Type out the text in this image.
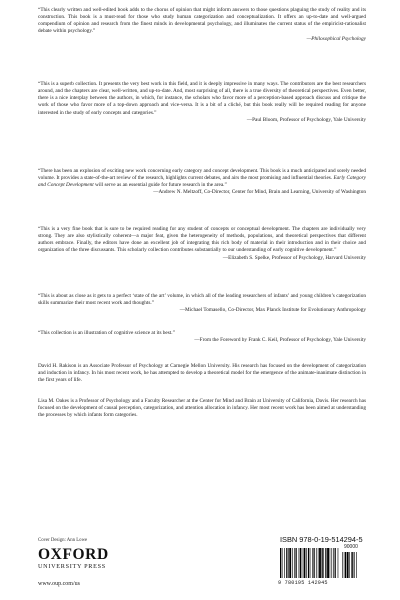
“This clearly written and well-edited book adds to the chorus of opinion that might inform answers to those questions plaguing the study of reality and its construction. This book is a must-read for those who study human categorization and conceptualization. It offers an up-to-date and well-argued compendium of opinion and research from the finest minds in developmental psychology, and illuminates the current status of the empiricist-rationalist debate within psychology.”

—Philosophical Psychology

“This is a superb collection. It presents the very best work in this field, and it is deeply impressive in many ways. The contributors are the best researchers around, and the chapters are clear, well-written, and up-to-date. And, most surprising of all, there is a true diversity of theoretical perspectives. Even better, there is a nice interplay between the authors, in which, for instance, the scholars who favor more of a perception-based approach discuss and critique the work of those who favor more of a top-down approach and vice-versa. It is a bit of a cliché, but this book really will be required reading for anyone interested in the study of early concepts and categories.”

—Paul Bloom, Professor of Psychology, Yale University

“There has been an explosion of exciting new work concerning early category and concept development. This book is a much anticipated and sorely needed volume. It provides a state-of-the-art review of the research, highlights current debates, and airs the most promising and influential theories. Early Category and Concept Development will serve as an essential guide for future research in the area.”

—Andrew N. Meltzoff, Co-Director, Center for Mind, Brain and Learning, University of Washington

“This is a very fine book that is sure to be required reading for any student of concepts or conceptual development. The chapters are individually very strong. They are also stylistically coherent—a major feat, given the heterogeneity of methods, populations, and theoretical perspectives that different authors embrace. Finally, the editors have done an excellent job of integrating this rich body of material in their introduction and in their choice and organization of the three discussants. This scholarly collection contributes substantially to our understanding of early cognitive development.”

—Elizabeth S. Spelke, Professor of Psychology, Harvard University

“This is about as close as it gets to a perfect ‘state of the art’ volume, in which all of the leading researchers of infants’ and young children’s categorization skills summarize their most recent work and thoughts.”

—Michael Tomasello, Co-Director, Max Planck Institute for Evolutionary Anthropology

“This collection is an illustration of cognitive science at its best.”

—From the Foreword by Frank C. Keil, Professor of Psychology, Yale University

David H. Rakison is an Associate Professor of Psychology at Carnegie Mellon University. His research has focused on the development of categorization and induction in infancy. In his most recent work, he has attempted to develop a theoretical model for the emergence of the animate-inanimate distinction in the first years of life.

Lisa M. Oakes is a Professor of Psychology and a Faculty Researcher at the Center for Mind and Brain at University of California, Davis. Her research has focused on the development of causal perception, categorization, and attention allocation in infancy. Her most recent work has been aimed at understanding the processes by which infants form categories.

Cover Design: Ann Lowe
OXFORD
UNIVERSITY PRESS
www.oup.com/us
ISBN 978-0-19-514294-5
90000
9 780195 142945
